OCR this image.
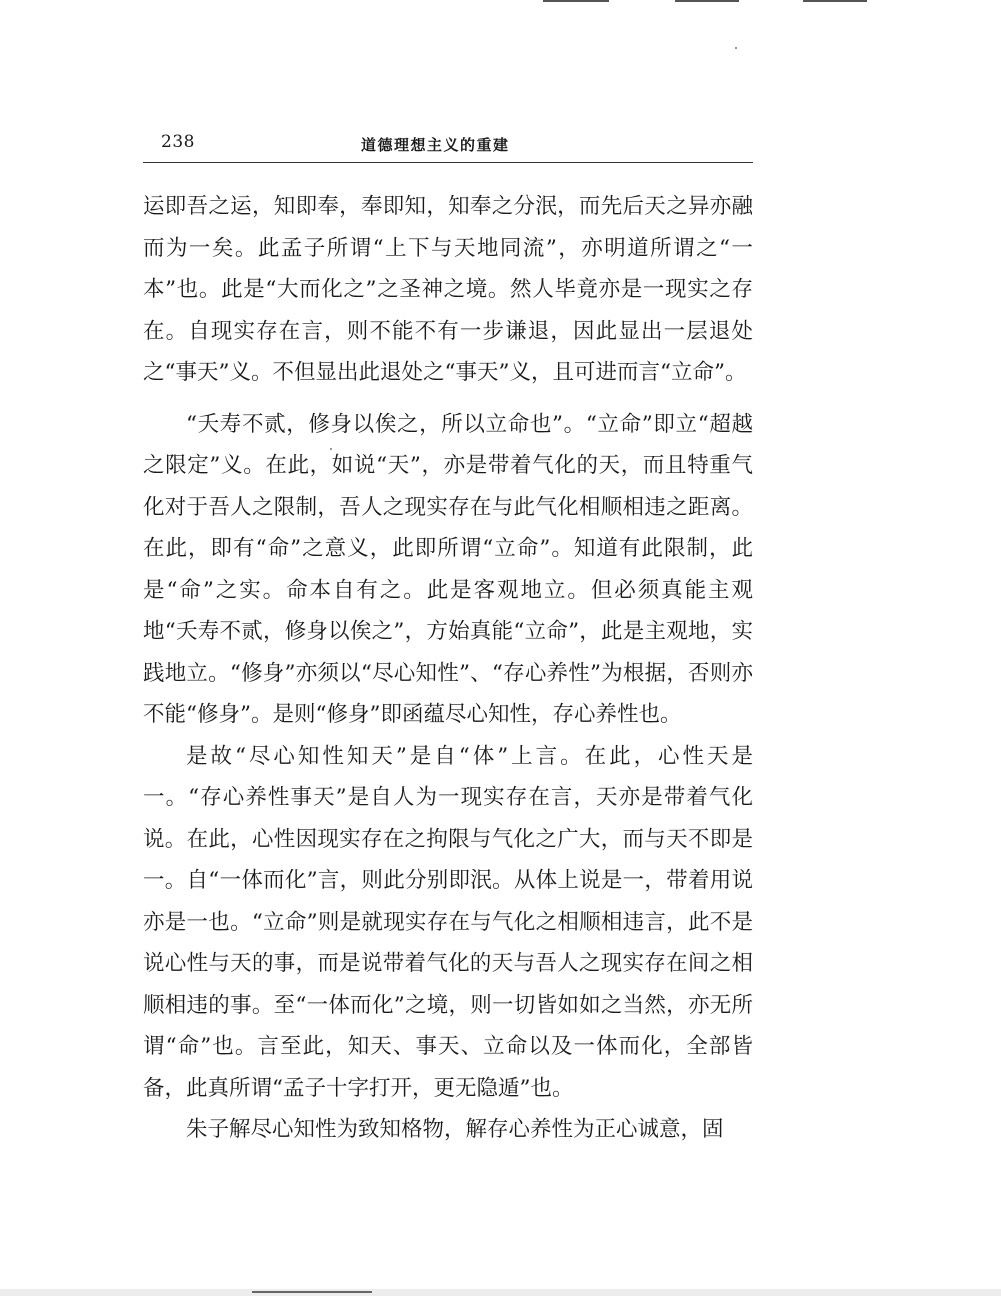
238	道德理想主义的重建

运即吾之运，知即奉，奉即知，知奉之分泯，而先后天之异亦融而为一矣。此孟子所谓“上下与天地同流”，亦明道所谓之“一本”也。此是“大而化之”之圣神之境。然人毕竟亦是一现实之存在。自现实存在言，则不能不有一步谦退，因此显出一层退处之“事天”义。不但显出此退处之“事天”义，且可进而言“立命”。

“夭寿不贰，修身以俟之，所以立命也”。“立命”即立“超越之限定”义。在此，如说“天”，亦是带着气化的天，而且特重气化对于吾人之限制，吾人之现实存在与此气化相顺相违之距离。在此，即有“命”之意义，此即所谓“立命”。知道有此限制，此是“命”之实。命本自有之。此是客观地立。但必须真能主观地“夭寿不贰，修身以俟之”，方始真能“立命”，此是主观地，实践地立。“修身”亦须以“尽心知性”、“存心养性”为根据，否则亦不能“修身”。是则“修身”即函蕴尽心知性，存心养性也。

是故“尽心知性知天”是自“体”上言。在此，心性天是一。“存心养性事天”是自人为一现实存在言，天亦是带着气化说。在此，心性因现实存在之拘限与气化之广大，而与天不即是一。自“一体而化”言，则此分别即泯。从体上说是一，带着用说亦是一也。“立命”则是就现实存在与气化之相顺相违言，此不是说心性与天的事，而是说带着气化的天与吾人之现实存在间之相顺相违的事。至“一体而化”之境，则一切皆如如之当然，亦无所谓“命”也。言至此，知天、事天、立命以及一体而化，全部皆备，此真所谓“孟子十字打开，更无隐遁”也。

朱子解尽心知性为致知格物，解存心养性为正心诚意，固
